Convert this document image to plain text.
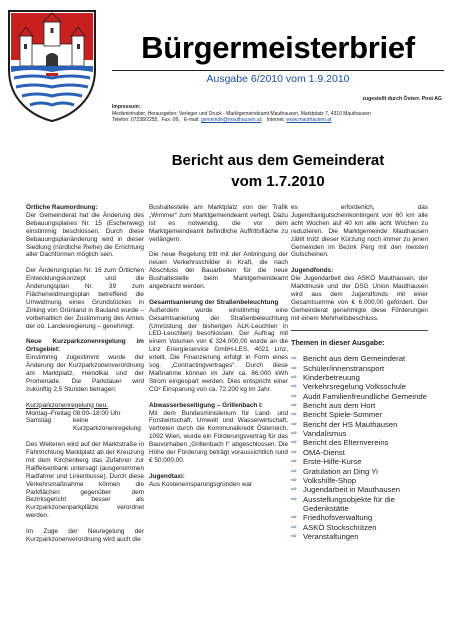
Bürgermeisterbrief
Ausgabe 6/2010 vom 1.9.2010
zugestellt durch Österr. Post AG
Impressum:
Medieninhaber, Herausgeber, Verleger und Druck - Marktgemeindeamt Mauthausen, Marktplatz 7, 4310 Mauthausen
Telefon: 07238/2255, Fax -99, E-mail: gemeinde@mauthausen.at;   Internet: www.mauthausen.at
Bericht aus dem Gemeinderat
vom 1.7.2010
Örtliche Raumordnung:

Der Gemeinderat hat die Änderung des Bebauungsplanes Nr. 15 (Eschenweg) einstimmig beschlossen. Durch diese Bebauungsplanänderung wird in dieser Siedlung (nördliche Reihe) die Errichtung aller Dachformen möglich sein.

Der Änderungsplan Nr. 16 zum Örtlichen Entwicklungskonzept und die Änderungsplan Nr. 39 zum Flächenwidmungsplan betreffend die Umwidmung eines Grundstückes in Zirking von Grünland in Bauland wurde – vorbehaltlich der Zustimmung des Amtes der oö. Landesregierung – genehmigt.

Neue Kurzparkzonenregelung im Ortsgebiet:

Einstimmig zugestimmt wurde der Änderung der Kurzparkzonenverordnung am Marktplatz, Heindlkai und der Promenade. Die Parkdauer wird zukünftig 2,5 Stunden betragen:

Kurzparkzonenregelung neu:
Montag–Freitag 08:00–18:00 Uhr
Samstag	keine Kurzparkzonenregelung

Des Weiteren wird auf der Marktstraße in Fahrtrichtung Marktplatz ab der Kreuzung mit dem Kirchenberg das Zufahren zur Raiffeisenbank untersagt (ausgenommen Radfahrer und Linienbusse). Durch diese Verkehrsmaßnahme können die Parkflächen gegenüber dem Bezirksgericht besser als Kurzparkzonenparkplätze verordnet werden.

Im Zuge der Neuregelung der Kurzparkzonenverordnung wird auch die

Bushaltestelle am Marktplatz von der Trafik „Wimmer“ zum Marktgemeindeamt verlegt. Dazu ist es notwendig, die vor dem Marktgemeindeamt befindliche Auffrittsfläche zu verlängern.

Die neue Regelung tritt mit der Anbringung der neuen Verkehrsschilder in Kraft, die nach Abschluss der Bauarbeiten für die neue Bushaltestelle beim Marktgemeindeamt angebracht werden.

Gesamtsanierung der Straßenbeleuchtung

Außerdem wurde einstimmig eine Gesamtsanierung der Straßenbeleuchtung (Umrüstung der bisherigen ALK-Leuchten in LED-Leuchten) beschlossen. Der Auftrag mit einem Volumen von € 324.000,00 wurde an die Linz Energieservice GmbH-LES, 4021 Linz, erteilt. Die Finanzierung erfolgt in Form eines sog. „Contractingvertrages“. Durch diese Maßnahme können im Jahr ca. 86.000 kWh Strom eingespart werden. Dies entspricht einer CO² Einsparung von ca. 72.200 kg im Jahr.

Abwasserbeseitigung – Grillenbach I:

Mit dem Bundesministerium für Land- und Forstwirtschaft, Umwelt und Wasserwirtschaft, vertreten durch die Kommunalkredit Österreich, 1092 Wien, wurde ein Förderungsvertrag für das Bauvorhaben „Grillenbach I“ abgeschlossen. Die Höhe der Förderung beträgt voraussichtlich rund € 50.000,00.

Jugendtaxi:

Aus Kosteneinsparungsgründen war

es erforderlich, das Jugendtaxigutscheinkontingent von 60 km alle acht Wochen auf 40 km alle acht Wochen zu reduzieren. Die Marktgemeinde Mauthausen zählt trotz dieser Kürzung noch immer zu jenen Gemeinden im Bezirk Perg mit den meisten Gutscheinen.

Jugendfonds:

Die Jugendarbeit des ASKÖ Mauthausen, der Marktmusik und der DSG Union Mauthausen wird aus dem Jugendfonds mit einer Gesamtsumme von € 6.000,00 gefördert. Der Gemeinderat genehmigte diese Förderungen mit einem Mehrheitsbeschluss.

Themen in dieser Ausgabe:
⇨ Bericht aus dem Gemeinderat
⇨ Schüler/innenstransport
⇨ Kinderbetreuung
⇨ Verkehrsregelung Volksschule
⇨ Audit Familienfreundliche Gemeinde
⇨ Bericht aus dem Hort
⇨ Bericht Spiele-Sommer
⇨ Bericht der HS Mauthausen
⇨ Vandalismus
⇨ Bericht des Elternvereins
⇨ OMA-Dienst
⇨ Erste-Hilfe-Kurse
⇨ Gratulation an Ding Yi
⇨ Volkshilfe-Shop
⇨ Jugendarbeit in Mauthausen
⇨ Ausstellungsobjekte für die Gedenkstätte
⇨ Friedhofsverwaltung
⇨ ASKÖ Stockschützen
⇨ Veranstaltungen
